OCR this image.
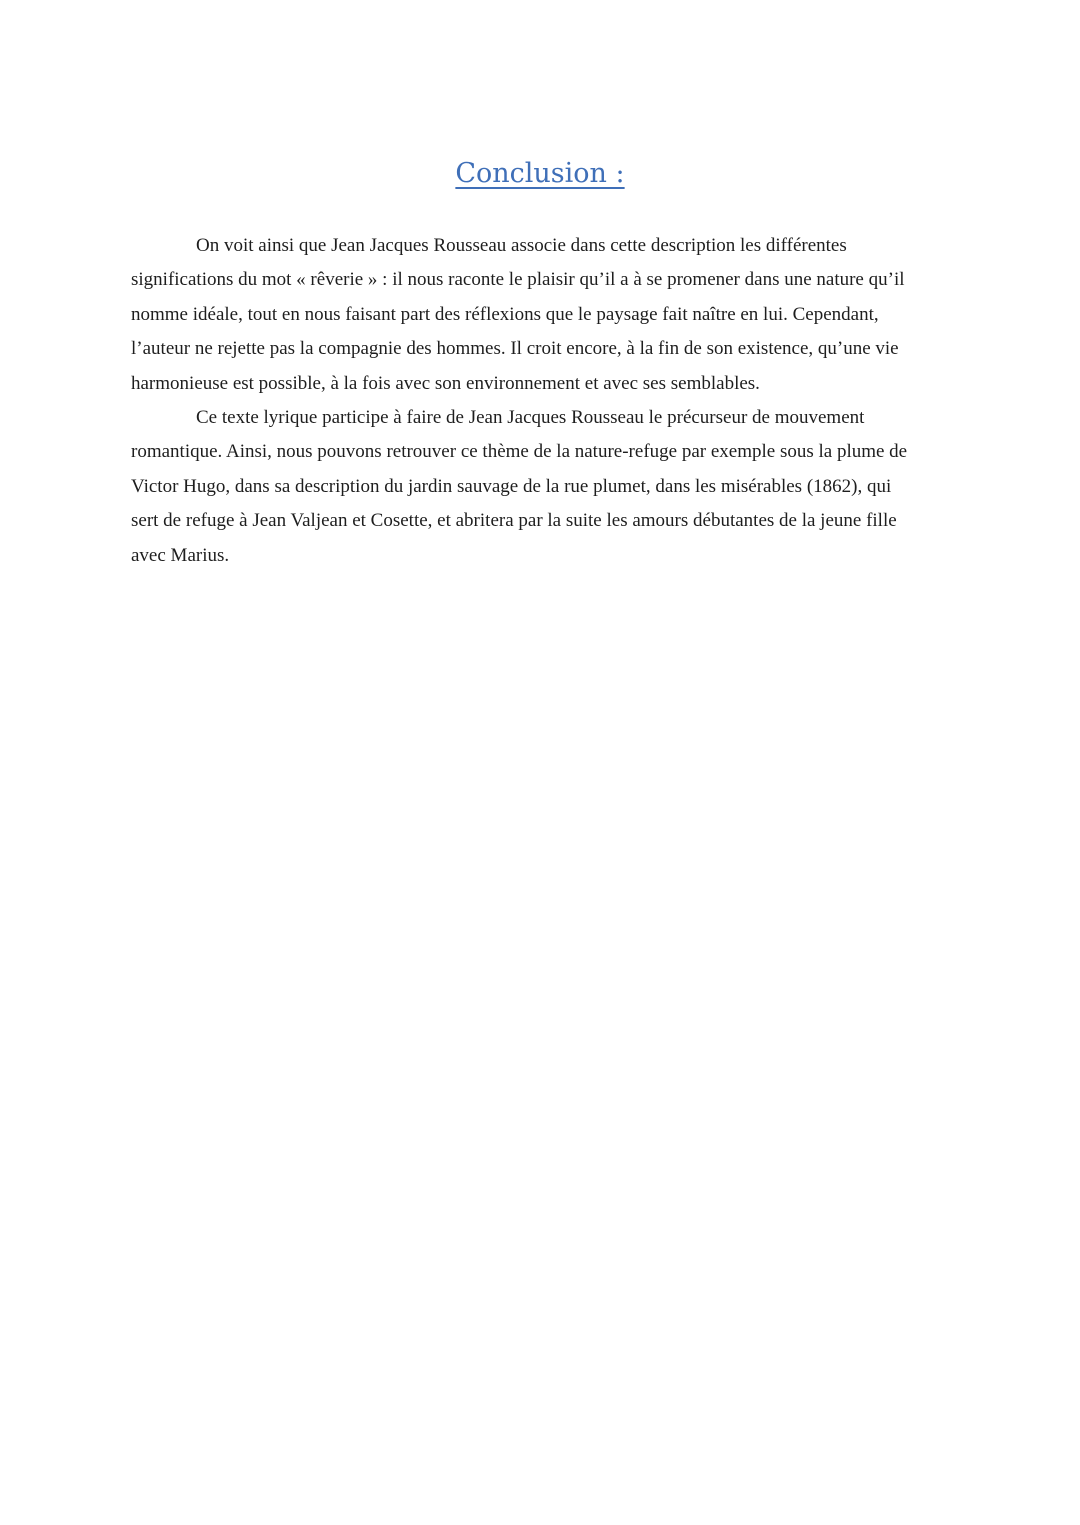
Conclusion :

On voit ainsi que Jean Jacques Rousseau associe dans cette description les différentes
significations du mot « rêverie » : il nous raconte le plaisir qu’il a à se promener dans une nature qu’il
nomme idéale, tout en nous faisant part des réflexions que le paysage fait naître en lui. Cependant,
l’auteur ne rejette pas la compagnie des hommes. Il croit encore, à la fin de son existence, qu’une vie
harmonieuse est possible, à la fois avec son environnement et avec ses semblables.

Ce texte lyrique participe à faire de Jean Jacques Rousseau le précurseur de mouvement
romantique. Ainsi, nous pouvons retrouver ce thème de la nature-refuge par exemple sous la plume de
Victor Hugo, dans sa description du jardin sauvage de la rue plumet, dans les misérables (1862), qui
sert de refuge à Jean Valjean et Cosette, et abritera par la suite les amours débutantes de la jeune fille
avec Marius.
